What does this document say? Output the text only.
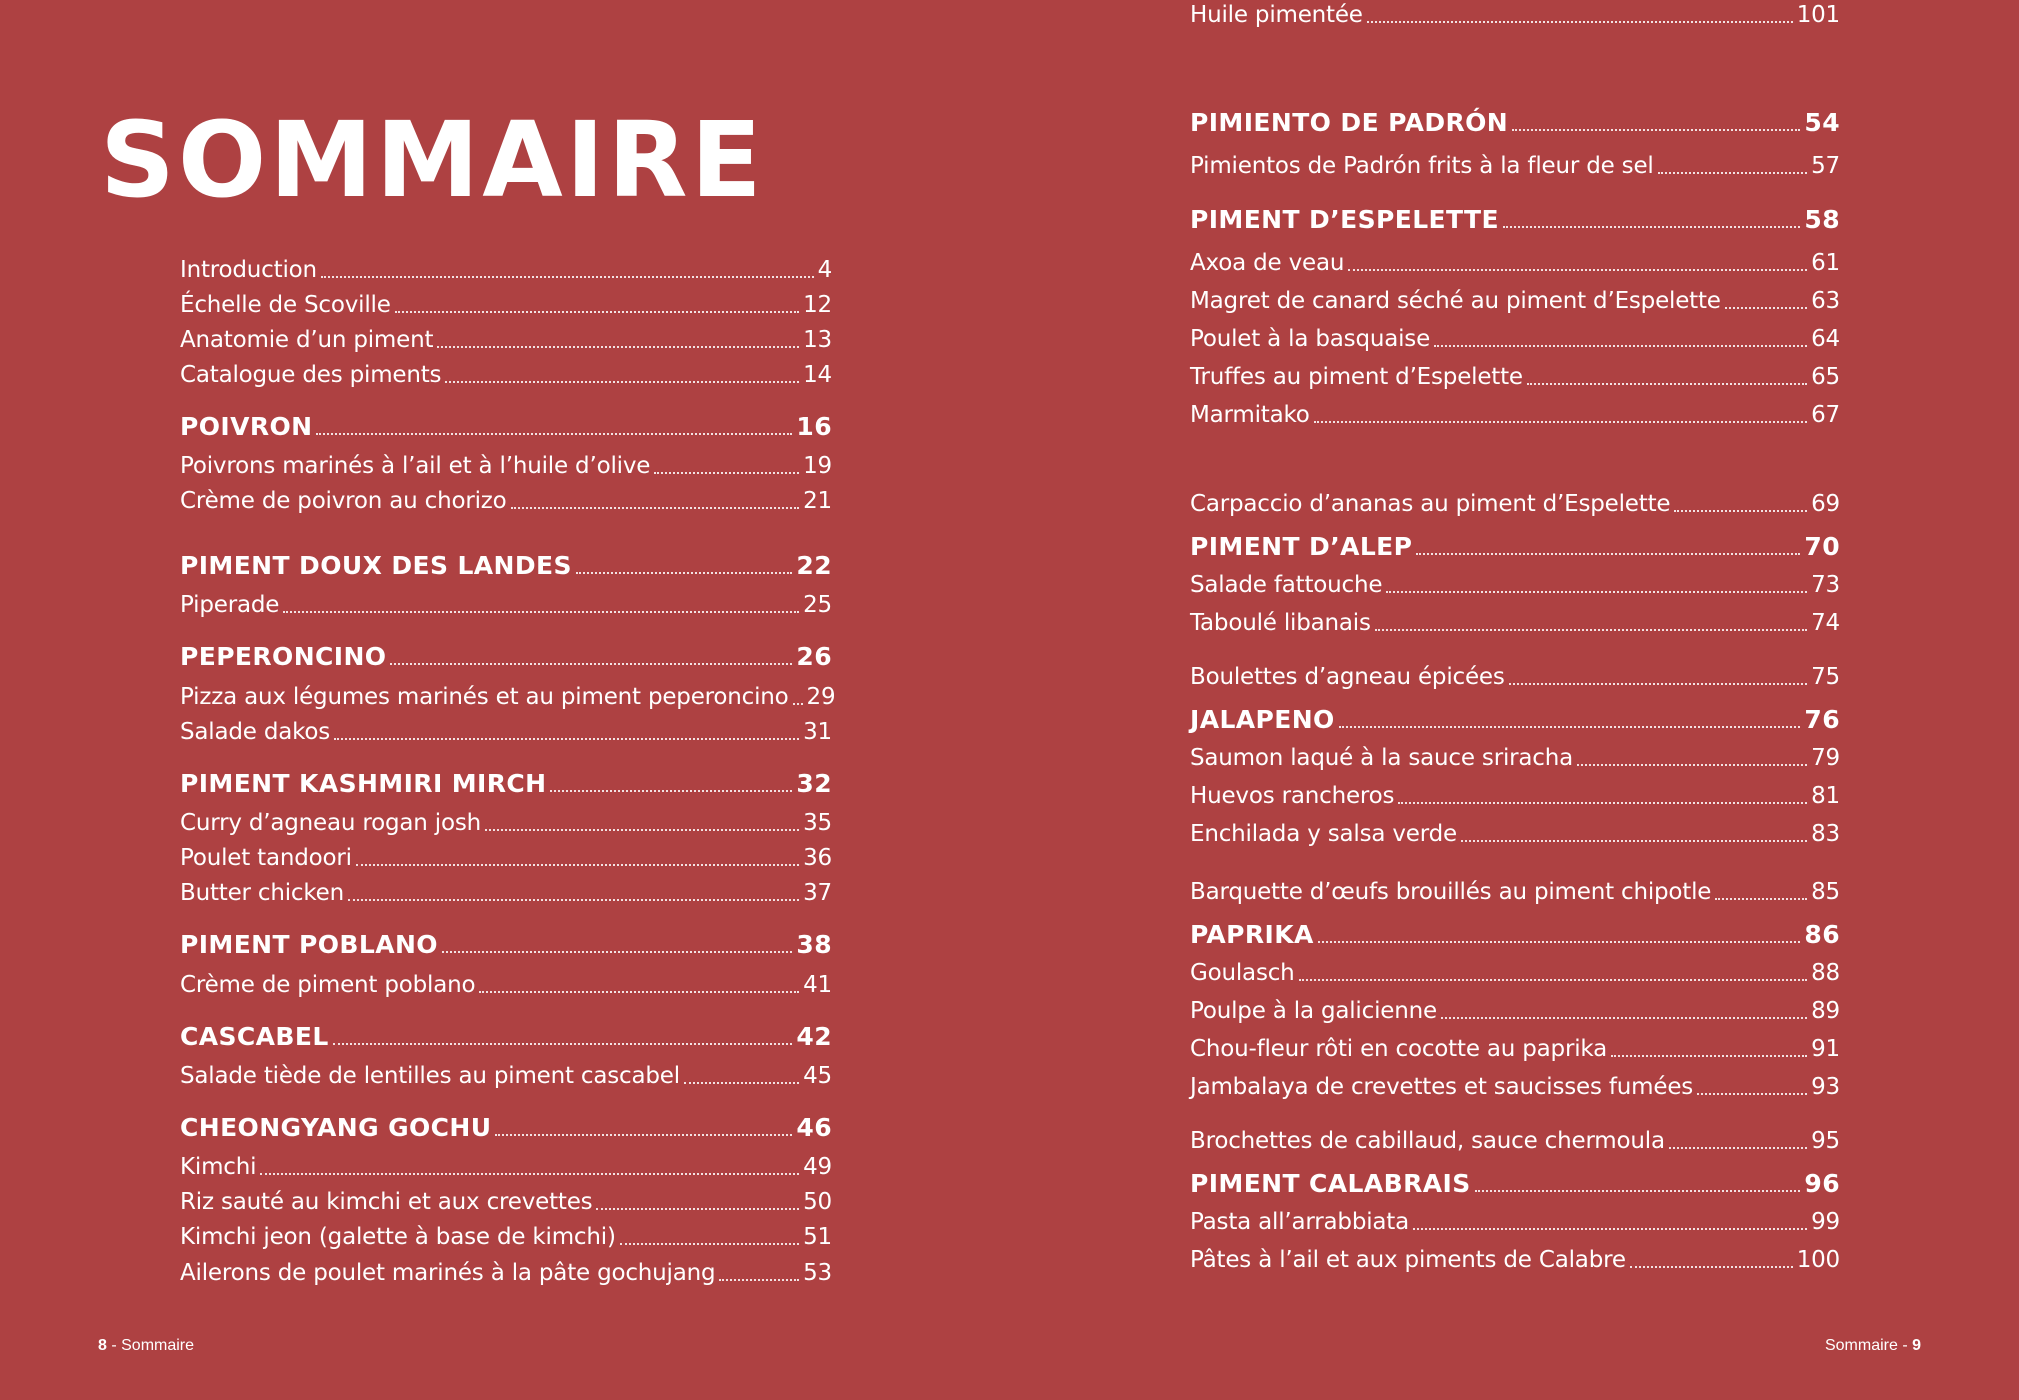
SOMMAIRE
Introduction	4
Échelle de Scoville	12
Anatomie d’un piment	13
Catalogue des piments	14
POIVRON	16
Poivrons marinés à l’ail et à l’huile d’olive	19
Crème de poivron au chorizo	21
PIMENT DOUX DES LANDES	22
Piperade	25
PEPERONCINO	26
Pizza aux légumes marinés et au piment peperoncino 29
Salade dakos	31
PIMENT KASHMIRI MIRCH	32
Curry d’agneau rogan josh	35
Poulet tandoori	36
Butter chicken	37
PIMENT POBLANO	38
Crème de piment poblano	41
CASCABEL	42
Salade tiède de lentilles au piment cascabel	45
CHEONGYANG GOCHU	46
Kimchi	49
Riz sauté au kimchi et aux crevettes	50
Kimchi jeon (galette à base de kimchi)	51
Ailerons de poulet marinés à la pâte gochujang	53
PIMIENTO DE PADRÓN	54
Pimientos de Padrón frits à la fleur de sel	57
PIMENT D’ESPELETTE	58
Axoa de veau	61
Magret de canard séché au piment d’Espelette	63
Poulet à la basquaise	64
Truffes au piment d’Espelette	65
Marmitako	67
Carpaccio d’ananas au piment d’Espelette	69
PIMENT D’ALEP	70
Salade fattouche	73
Taboulé libanais	74
Boulettes d’agneau épicées	75
JALAPENO	76
Saumon laqué à la sauce sriracha	79
Huevos rancheros	81
Enchilada y salsa verde	83
Barquette d’œufs brouillés au piment chipotle	85
PAPRIKA	86
Goulasch	88
Poulpe à la galicienne	89
Chou-fleur rôti en cocotte au paprika	91
Jambalaya de crevettes et saucisses fumées	93
Brochettes de cabillaud, sauce chermoula	95
PIMENT CALABRAIS	96
Pasta all’arrabbiata	99
Pâtes à l’ail et aux piments de Calabre	100
Huile pimentée	101
8 - Sommaire	Sommaire - 9
